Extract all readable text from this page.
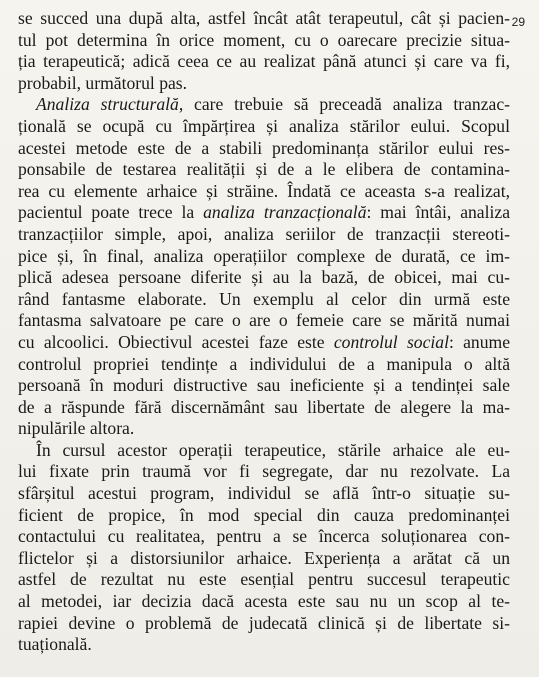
29
se succed una după alta, astfel încât atât terapeutul, cât și pacien-
tul pot determina în orice moment, cu o oarecare precizie situa-
ția terapeutică; adică ceea ce au realizat până atunci și care va fi,
probabil, următorul pas.
Analiza structurală, care trebuie să preceadă analiza tranzac-
țională se ocupă cu împărțirea și analiza stărilor eului. Scopul
acestei metode este de a stabili predominanța stărilor eului res-
ponsabile de testarea realității și de a le elibera de contamina-
rea cu elemente arhaice și străine. Îndată ce aceasta s-a realizat,
pacientul poate trece la analiza tranzacțională: mai întâi, analiza
tranzacțiilor simple, apoi, analiza seriilor de tranzacții stereoti-
pice și, în final, analiza operațiilor complexe de durată, ce im-
plică adesea persoane diferite și au la bază, de obicei, mai cu-
rând fantasme elaborate. Un exemplu al celor din urmă este
fantasma salvatoare pe care o are o femeie care se mărită numai
cu alcoolici. Obiectivul acestei faze este controlul social: anume
controlul propriei tendințe a individului de a manipula o altă
persoană în moduri distructive sau ineficiente și a tendinței sale
de a răspunde fără discernământ sau libertate de alegere la ma-
nipulările altora.
În cursul acestor operații terapeutice, stările arhaice ale eu-
lui fixate prin traumă vor fi segregate, dar nu rezolvate. La
sfârșitul acestui program, individul se află într-o situație su-
ficient de propice, în mod special din cauza predominanței
contactului cu realitatea, pentru a se încerca soluționarea con-
flictelor și a distorsiunilor arhaice. Experiența a arătat că un
astfel de rezultat nu este esențial pentru succesul terapeutic
al metodei, iar decizia dacă acesta este sau nu un scop al te-
rapiei devine o problemă de judecată clinică și de libertate si-
tuațională.
